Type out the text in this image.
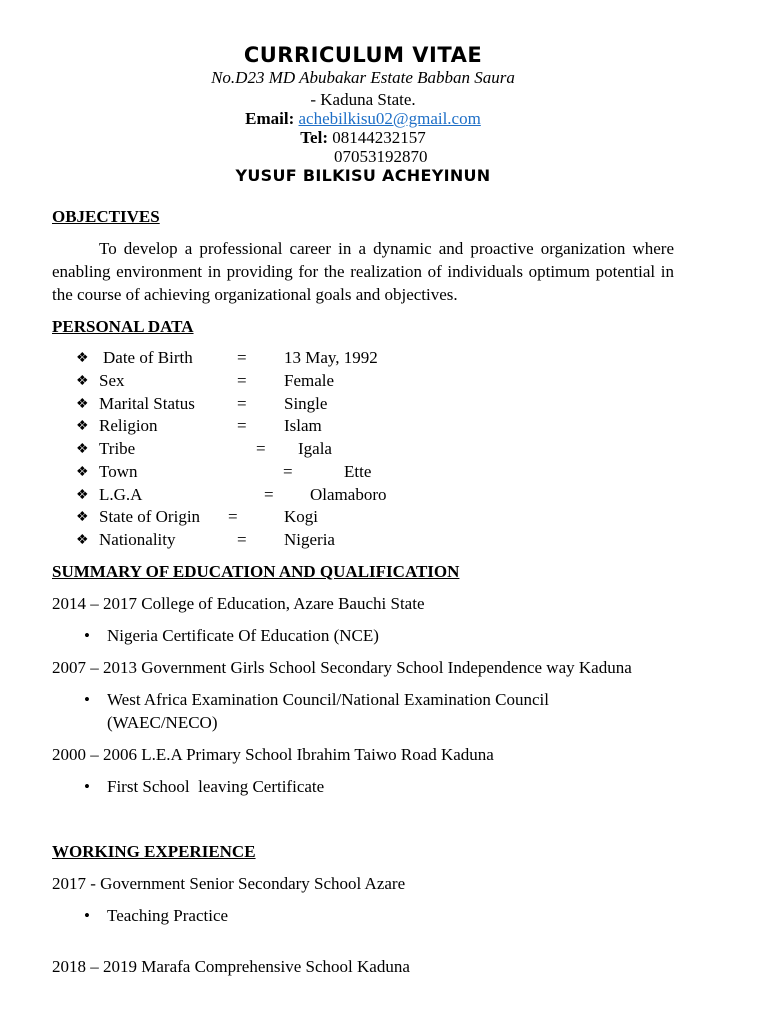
CURRICULUM VITAE
No.D23 MD Abubakar Estate Babban Saura
- Kaduna State.
Email: achebilkisu02@gmail.com
Tel: 08144232157
07053192870
YUSUF BILKISU ACHEYINUN
OBJECTIVES
To develop a professional career in a dynamic and proactive organization where enabling environment in providing for the realization of individuals optimum potential in the course of achieving organizational goals and objectives.
PERSONAL DATA
❖ Date of Birth	= 13 May, 1992
❖ Sex	= Female
❖ Marital Status = Single
❖ Religion	= Islam
❖ Tribe	= Igala
❖ Town	=	Ette
❖ L.G.A	= Olamaboro
❖ State of Origin =	Kogi
❖ Nationality	= Nigeria
SUMMARY OF EDUCATION AND QUALIFICATION
2014 – 2017 College of Education, Azare Bauchi State
• Nigeria Certificate Of Education (NCE)
2007 – 2013 Government Girls School Secondary School Independence way Kaduna
• West Africa Examination Council/National Examination Council
(WAEC/NECO)
2000 – 2006 L.E.A Primary School Ibrahim Taiwo Road Kaduna
• First School  leaving Certificate
WORKING EXPERIENCE
2017 - Government Senior Secondary School Azare
• Teaching Practice
2018 – 2019 Marafa Comprehensive School Kaduna
